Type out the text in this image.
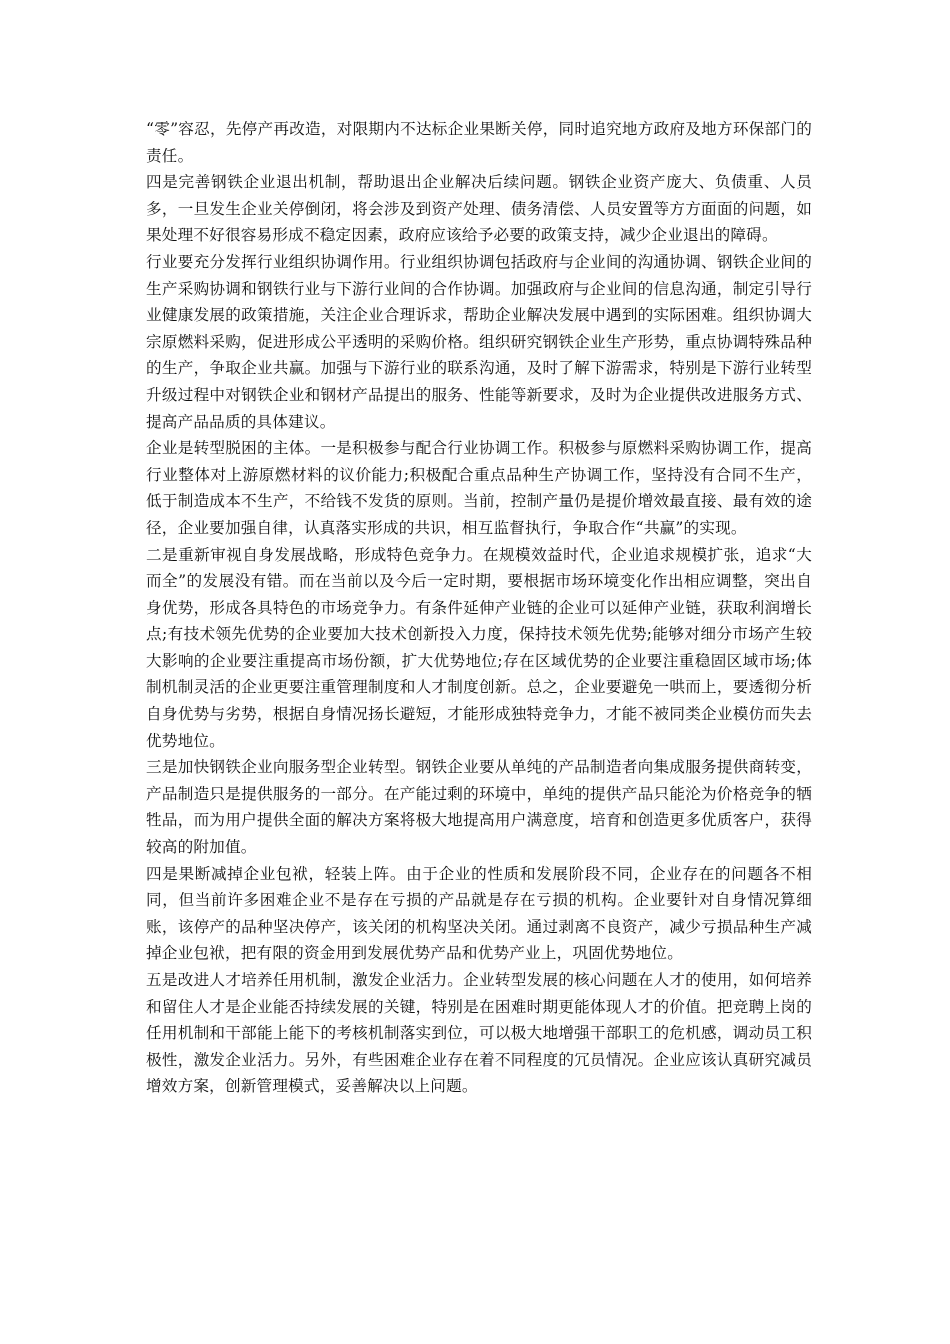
“零”容忍，先停产再改造，对限期内不达标企业果断关停，同时追究地方政府及地方环保部门的责任。

四是完善钢铁企业退出机制，帮助退出企业解决后续问题。钢铁企业资产庞大、负债重、人员多，一旦发生企业关停倒闭，将会涉及到资产处理、债务清偿、人员安置等方方面面的问题，如果处理不好很容易形成不稳定因素，政府应该给予必要的政策支持，减少企业退出的障碍。

行业要充分发挥行业组织协调作用。行业组织协调包括政府与企业间的沟通协调、钢铁企业间的生产采购协调和钢铁行业与下游行业间的合作协调。加强政府与企业间的信息沟通，制定引导行业健康发展的政策措施，关注企业合理诉求，帮助企业解决发展中遇到的实际困难。组织协调大宗原燃料采购，促进形成公平透明的采购价格。组织研究钢铁企业生产形势，重点协调特殊品种的生产，争取企业共赢。加强与下游行业的联系沟通，及时了解下游需求，特别是下游行业转型升级过程中对钢铁企业和钢材产品提出的服务、性能等新要求，及时为企业提供改进服务方式、提高产品品质的具体建议。

企业是转型脱困的主体。一是积极参与配合行业协调工作。积极参与原燃料采购协调工作，提高行业整体对上游原燃材料的议价能力;积极配合重点品种生产协调工作，坚持没有合同不生产，低于制造成本不生产，不给钱不发货的原则。当前，控制产量仍是提价增效最直接、最有效的途径，企业要加强自律，认真落实形成的共识，相互监督执行，争取合作“共赢”的实现。

二是重新审视自身发展战略，形成特色竞争力。在规模效益时代，企业追求规模扩张，追求“大而全”的发展没有错。而在当前以及今后一定时期，要根据市场环境变化作出相应调整，突出自身优势，形成各具特色的市场竞争力。有条件延伸产业链的企业可以延伸产业链，获取利润增长点;有技术领先优势的企业要加大技术创新投入力度，保持技术领先优势;能够对细分市场产生较大影响的企业要注重提高市场份额，扩大优势地位;存在区域优势的企业要注重稳固区域市场;体制机制灵活的企业更要注重管理制度和人才制度创新。总之，企业要避免一哄而上，要透彻分析自身优势与劣势，根据自身情况扬长避短，才能形成独特竞争力，才能不被同类企业模仿而失去优势地位。

三是加快钢铁企业向服务型企业转型。钢铁企业要从单纯的产品制造者向集成服务提供商转变，产品制造只是提供服务的一部分。在产能过剩的环境中，单纯的提供产品只能沦为价格竞争的牺牲品，而为用户提供全面的解决方案将极大地提高用户满意度，培育和创造更多优质客户，获得较高的附加值。

四是果断减掉企业包袱，轻装上阵。由于企业的性质和发展阶段不同，企业存在的问题各不相同，但当前许多困难企业不是存在亏损的产品就是存在亏损的机构。企业要针对自身情况算细账，该停产的品种坚决停产，该关闭的机构坚决关闭。通过剥离不良资产，减少亏损品种生产减掉企业包袱，把有限的资金用到发展优势产品和优势产业上，巩固优势地位。

五是改进人才培养任用机制，激发企业活力。企业转型发展的核心问题在人才的使用，如何培养和留住人才是企业能否持续发展的关键，特别是在困难时期更能体现人才的价值。把竞聘上岗的任用机制和干部能上能下的考核机制落实到位，可以极大地增强干部职工的危机感，调动员工积极性，激发企业活力。另外，有些困难企业存在着不同程度的冗员情况。企业应该认真研究减员增效方案，创新管理模式，妥善解决以上问题。
